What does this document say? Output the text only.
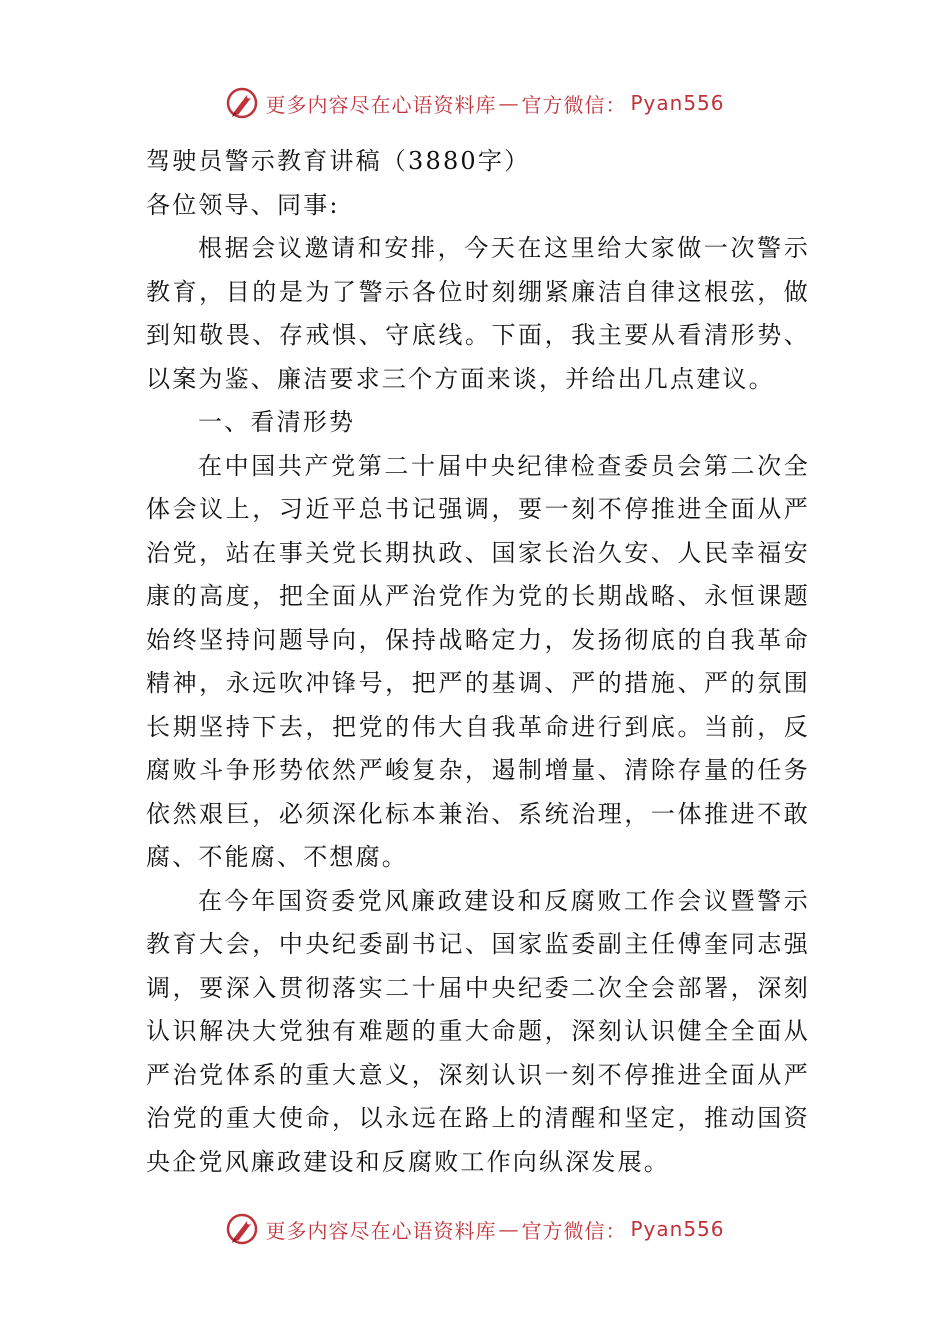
更多内容尽在心语资料库 — 官方微信： Pyan556

驾驶员警示教育讲稿（3880字）

各位领导、同事:

根据会议邀请和安排，今天在这里给大家做一次警示教育，目的是为了警示各位时刻绷紧廉洁自律这根弦，做到知敬畏、存戒惧、守底线。下面，我主要从看清形势、以案为鉴、廉洁要求三个方面来谈，并给出几点建议。

一、看清形势

在中国共产党第二十届中央纪律检查委员会第二次全体会议上，习近平总书记强调，要一刻不停推进全面从严治党，站在事关党长期执政、国家长治久安、人民幸福安康的高度，把全面从严治党作为党的长期战略、永恒课题始终坚持问题导向，保持战略定力，发扬彻底的自我革命精神，永远吹冲锋号，把严的基调、严的措施、严的氛围长期坚持下去，把党的伟大自我革命进行到底。当前，反腐败斗争形势依然严峻复杂，遏制增量、清除存量的任务依然艰巨，必须深化标本兼治、系统治理，一体推进不敢腐、不能腐、不想腐。

在今年国资委党风廉政建设和反腐败工作会议暨警示教育大会，中央纪委副书记、国家监委副主任傅奎同志强调，要深入贯彻落实二十届中央纪委二次全会部署，深刻认识解决大党独有难题的重大命题，深刻认识健全全面从严治党体系的重大意义，深刻认识一刻不停推进全面从严治党的重大使命，以永远在路上的清醒和坚定，推动国资央企党风廉政建设和反腐败工作向纵深发展。

更多内容尽在心语资料库 — 官方微信： Pyan556
